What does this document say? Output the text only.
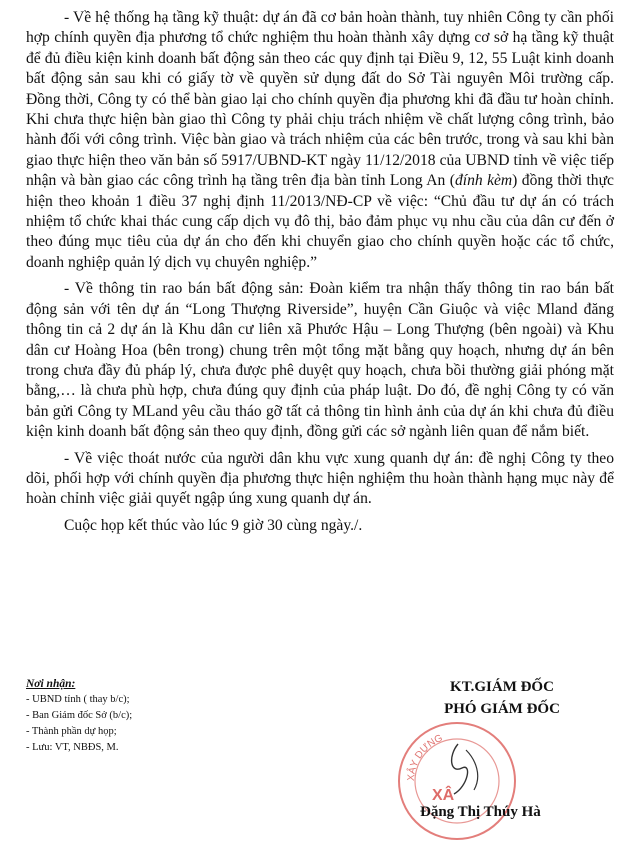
- Về hệ thống hạ tầng kỹ thuật: dự án đã cơ bản hoàn thành, tuy nhiên Công ty cần phối hợp chính quyền địa phương tổ chức nghiệm thu hoàn thành xây dựng cơ sở hạ tầng kỹ thuật để đủ điều kiện kinh doanh bất động sản theo các quy định tại Điều 9, 12, 55 Luật kinh doanh bất động sản sau khi có giấy tờ về quyền sử dụng đất do Sở Tài nguyên Môi trường cấp. Đồng thời, Công ty có thể bàn giao lại cho chính quyền địa phương khi đã đầu tư hoàn chỉnh. Khi chưa thực hiện bàn giao thì Công ty phải chịu trách nhiệm về chất lượng công trình, bảo hành đối với công trình. Việc bàn giao và trách nhiệm của các bên trước, trong và sau khi bàn giao thực hiện theo văn bản số 5917/UBND-KT ngày 11/12/2018 của UBND tỉnh về việc tiếp nhận và bàn giao các công trình hạ tầng trên địa bàn tỉnh Long An (đính kèm) đồng thời thực hiện theo khoản 1 điều 37 nghị định 11/2013/NĐ-CP về việc: “Chủ đầu tư dự án có trách nhiệm tổ chức khai thác cung cấp dịch vụ đô thị, bảo đảm phục vụ nhu cầu của dân cư đến ở theo đúng mục tiêu của dự án cho đến khi chuyển giao cho chính quyền hoặc các tổ chức, doanh nghiệp quản lý dịch vụ chuyên nghiệp.”

- Về thông tin rao bán bất động sản: Đoàn kiểm tra nhận thấy thông tin rao bán bất động sản với tên dự án “Long Thượng Riverside”, huyện Cần Giuộc và việc Mland đăng thông tin cả 2 dự án là Khu dân cư liên xã Phước Hậu – Long Thượng (bên ngoài) và Khu dân cư Hoàng Hoa (bên trong) chung trên một tổng mặt bằng quy hoạch, nhưng dự án bên trong chưa đầy đủ pháp lý, chưa được phê duyệt quy hoạch, chưa bồi thường giải phóng mặt bằng,… là chưa phù hợp, chưa đúng quy định của pháp luật. Do đó, đề nghị Công ty có văn bản gửi Công ty MLand yêu cầu tháo gỡ tất cả thông tin hình ảnh của dự án khi chưa đủ điều kiện kinh doanh bất động sản theo quy định, đồng gửi các sở ngành liên quan để nắm biết.

- Về việc thoát nước của người dân khu vực xung quanh dự án: đề nghị Công ty theo dõi, phối hợp với chính quyền địa phương thực hiện nghiệm thu hoàn thành hạng mục này để hoàn chỉnh việc giải quyết ngập úng xung quanh dự án.

Cuộc họp kết thúc vào lúc 9 giờ 30 cùng ngày./.

Nơi nhận:
- UBND tỉnh ( thay b/c);
- Ban Giám đốc Sở (b/c);
- Thành phần dự họp;
- Lưu: VT, NBĐS, M.
KT.GIÁM ĐỐC
PHÓ GIÁM ĐỐC
XÂY DỰNG
XÂ
Đặng Thị Thúy Hà
